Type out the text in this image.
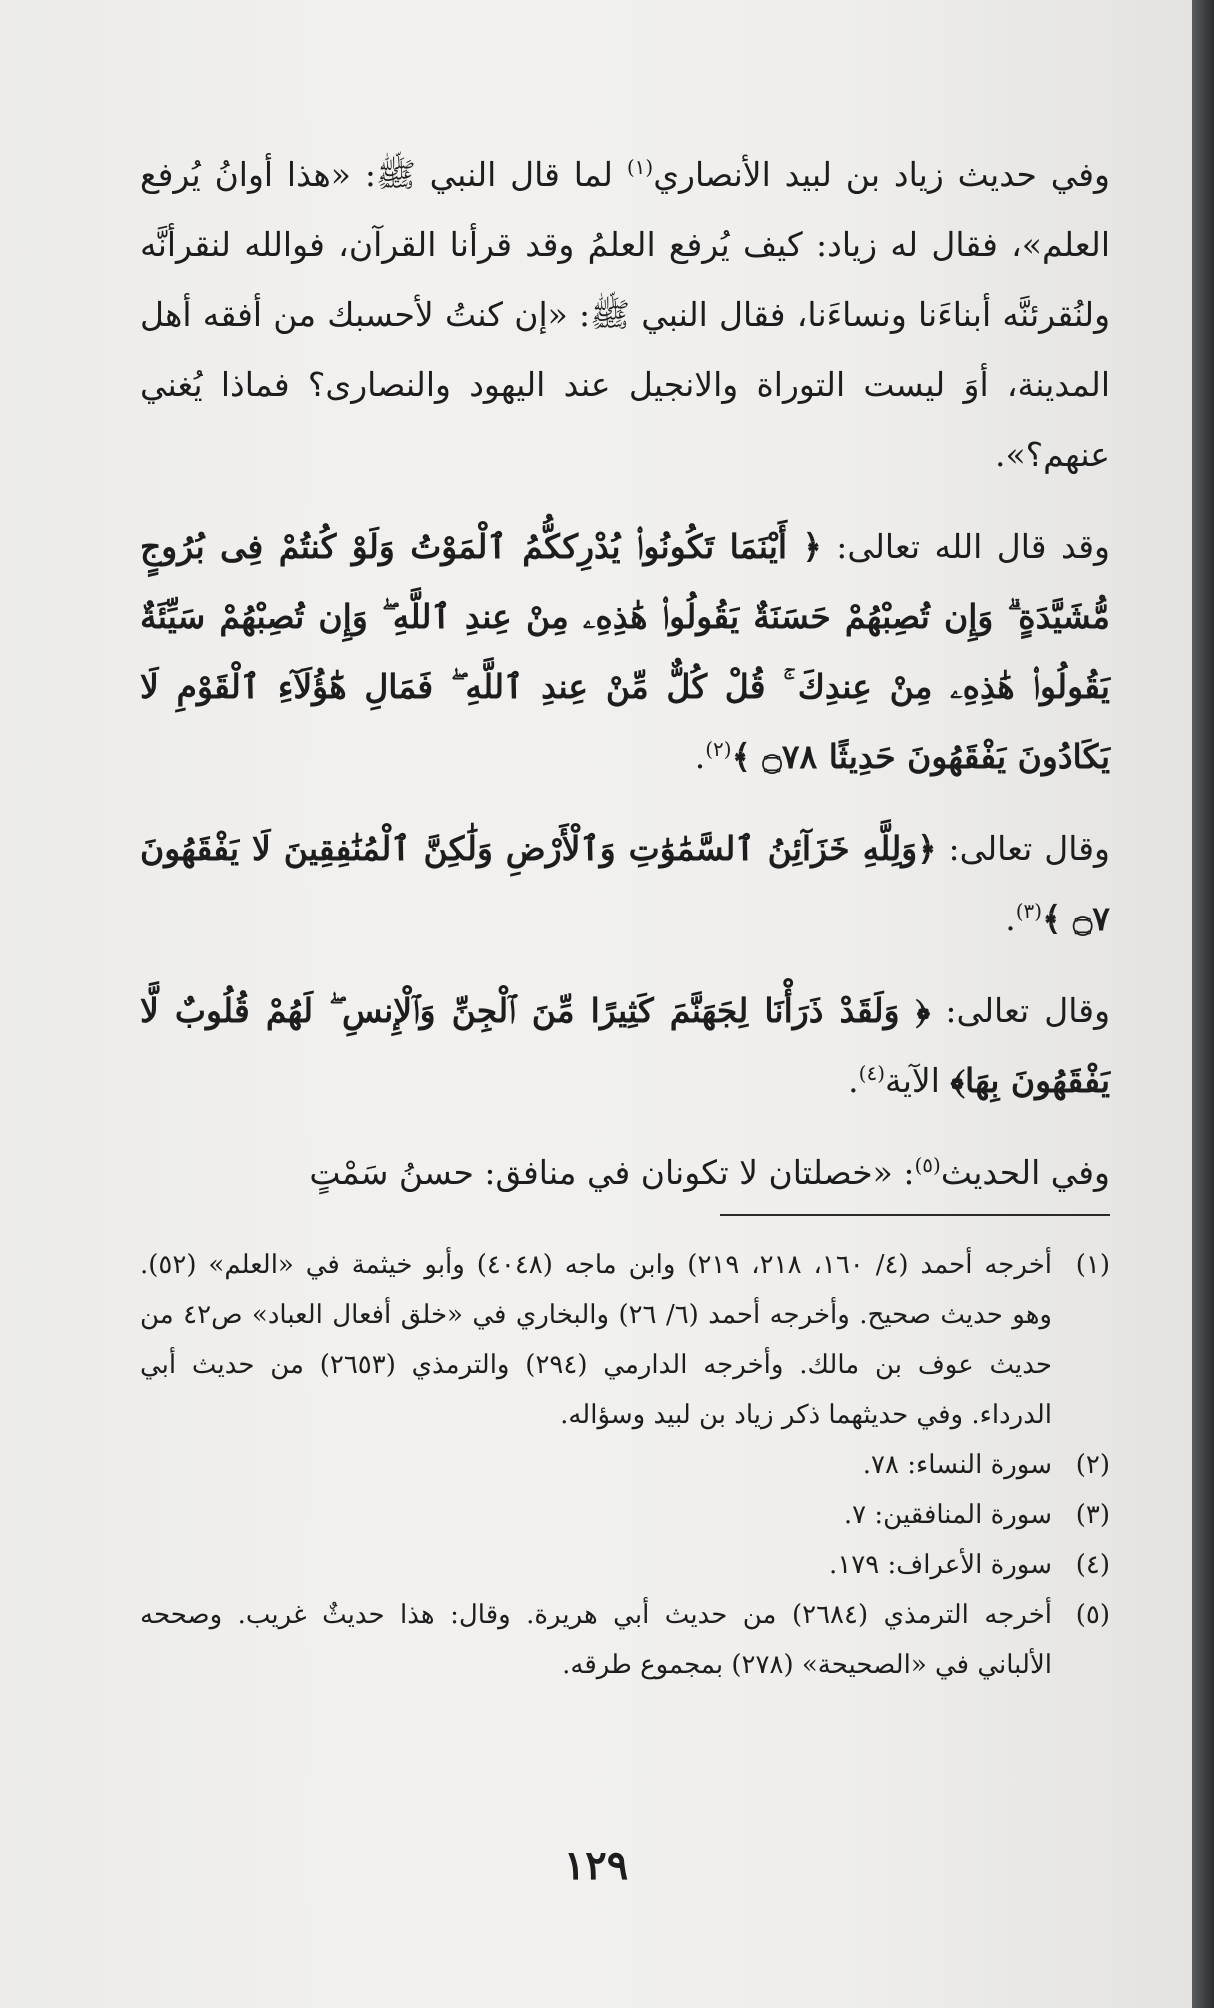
وفي حديث زياد بن لبيد الأنصاري$^{(١)}$ لما قال النبي ﷺ: «هذا أوانُ يُرفع العلم»، فقال له زياد: كيف يُرفع العلمُ وقد قرأنا القرآن، فوالله لنقرأنَّه ولنُقرئنَّه أبناءَنا ونساءَنا، فقال النبي ﷺ: «إن كنتُ لأحسبك من أفقه أهل المدينة، أوَ ليست التوراة والانجيل عند اليهود والنصارى؟ فماذا يُغني عنهم؟».

وقد قال الله تعالى: ﴿ أَيْنَمَا تَكُونُوا۟ يُدْرِككُّمُ ٱلْمَوْتُ وَلَوْ كُنتُمْ فِى بُرُوجٍ مُّشَيَّدَةٍ ۗ وَإِن تُصِبْهُمْ حَسَنَةٌ يَقُولُوا۟ هَٰذِهِۦ مِنْ عِندِ ٱللَّهِ ۖ وَإِن تُصِبْهُمْ سَيِّئَةٌ يَقُولُوا۟ هَٰذِهِۦ مِنْ عِندِكَ ۚ قُلْ كُلٌّ مِّنْ عِندِ ٱللَّهِ ۖ فَمَالِ هَٰٓؤُلَآءِ ٱلْقَوْمِ لَا يَكَادُونَ يَفْقَهُونَ حَدِيثًا ۝٧٨ ﴾$^{(٢)}$.

وقال تعالى: ﴿وَلِلَّهِ خَزَآئِنُ ٱلسَّمَٰوَٰتِ وَٱلْأَرْضِ وَلَٰكِنَّ ٱلْمُنَٰفِقِينَ لَا يَفْقَهُونَ ۝٧ ﴾$^{(٣)}$.

وقال تعالى: ﴿ وَلَقَدْ ذَرَأْنَا لِجَهَنَّمَ كَثِيرًا مِّنَ ٱلْجِنِّ وَٱلْإِنسِ ۖ لَهُمْ قُلُوبٌ لَّا يَفْقَهُونَ بِهَا﴾ الآية$^{(٤)}$.

وفي الحديث$^{(٥)}$: «خصلتان لا تكونان في منافق: حسنُ سَمْتٍ

(١)
أخرجه أحمد (٤/ ١٦٠، ٢١٨، ٢١٩) وابن ماجه (٤٠٤٨) وأبو خيثمة في «العلم» (٥٢). وهو حديث صحيح. وأخرجه أحمد (٦/ ٢٦) والبخاري في «خلق أفعال العباد» ص٤٢ من حديث عوف بن مالك. وأخرجه الدارمي (٢٩٤) والترمذي (٢٦٥٣) من حديث أبي الدرداء. وفي حديثهما ذكر زياد بن لبيد وسؤاله.
(٢)
سورة النساء: ٧٨.
(٣)
سورة المنافقين: ٧.
(٤)
سورة الأعراف: ١٧٩.
(٥)
أخرجه الترمذي (٢٦٨٤) من حديث أبي هريرة. وقال: هذا حديثٌ غريب. وصححه الألباني في «الصحيحة» (٢٧٨) بمجموع طرقه.
١٢٩
